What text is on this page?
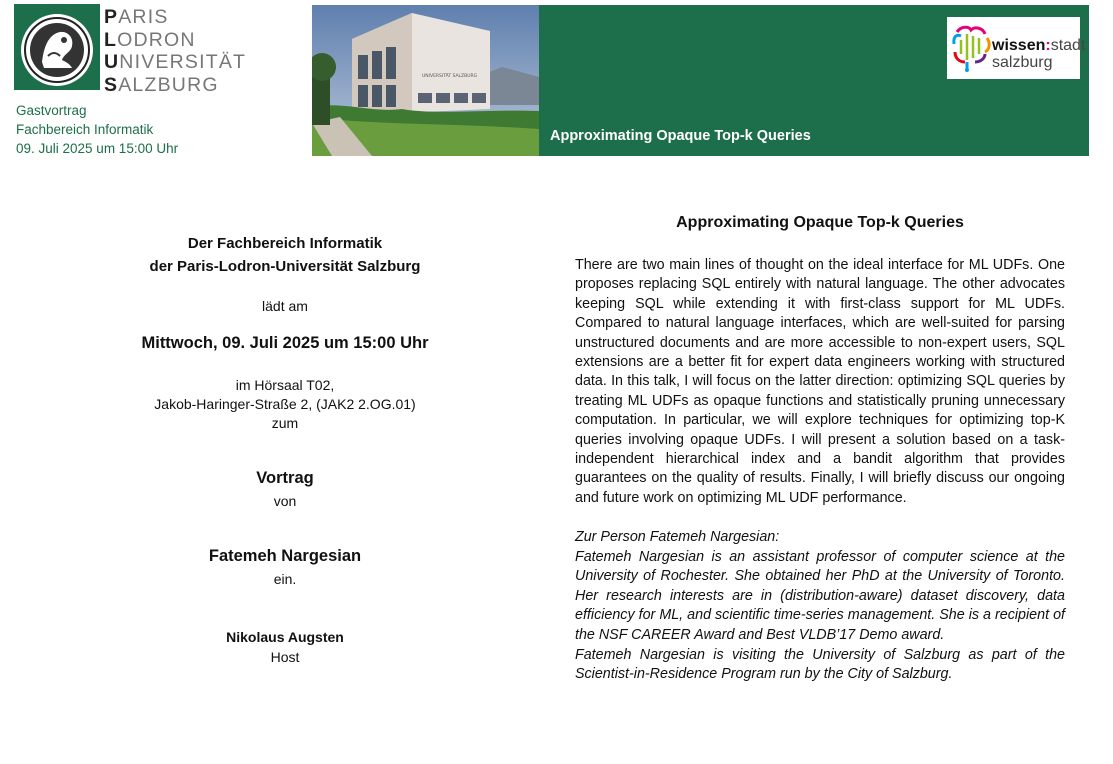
PARIS
LODRON
UNIVERSITÄT
SALZBURG
Gastvortrag
Fachbereich Informatik
09. Juli 2025 um 15:00 Uhr
UNIVERSITÄT SALZBURG
wissen:stadt
salzburg
Approximating Opaque Top-k Queries
Der Fachbereich Informatik
der Paris-Lodron-Universität Salzburg
lädt am
Mittwoch, 09. Juli 2025 um 15:00 Uhr
im Hörsaal T02,
Jakob-Haringer-Straße 2, (JAK2 2.OG.01)
zum
Vortrag
von
Fatemeh Nargesian
ein.
Nikolaus Augsten
Host
Approximating Opaque Top-k Queries

There are two main lines of thought on the ideal interface for ML UDFs. One proposes replacing SQL entirely with natural language. The other advocates keeping SQL while extending it with first-class support for ML UDFs. Compared to natural language interfaces, which are well-suited for parsing unstructured documents and are more accessible to non-expert users, SQL extensions are a better fit for expert data engineers working with structured data. In this talk, I will focus on the latter direction: optimizing SQL queries by treating ML UDFs as opaque functions and statistically pruning unnecessary computation. In particular, we will explore techniques for optimizing top-K queries involving opaque UDFs. I will present a solution based on a task-independent hierarchical index and a bandit algorithm that provides guarantees on the quality of results. Finally, I will briefly discuss our ongoing and future work on optimizing ML UDF performance.

Zur Person Fatemeh Nargesian:

Fatemeh Nargesian is an assistant professor of computer science at the University of Rochester. She obtained her PhD at the University of Toronto. Her research interests are in (distribution-aware) dataset discovery, data efficiency for ML, and scientific time-series management. She is a recipient of the NSF CAREER Award and Best VLDB’17 Demo award.

Fatemeh Nargesian is visiting the University of Salzburg as part of the Scientist-in-Residence Program run by the City of Salzburg.
